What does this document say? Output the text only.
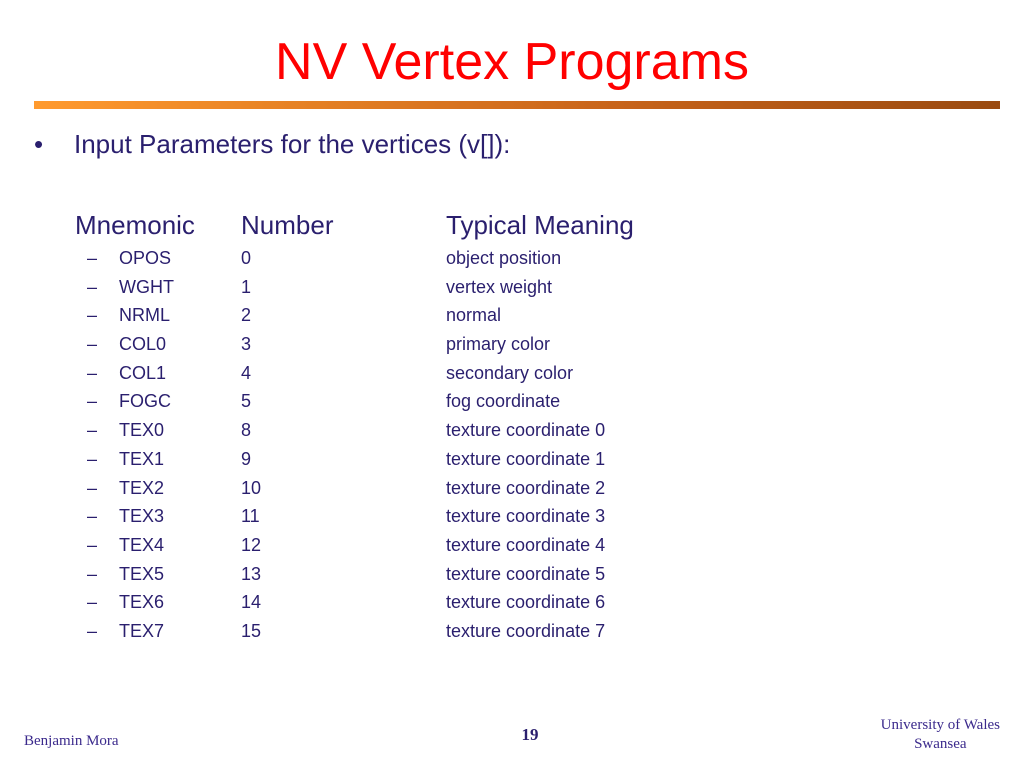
NV Vertex Programs
• Input Parameters for the vertices (v[]):
Mnemonic Number	Typical Meaning
– OPOS	0	object position
– WGHT	1	vertex weight
– NRML	2	normal
– COL0	3	primary color
– COL1	4	secondary color
– FOGC	5	fog coordinate
– TEX0	8	texture coordinate 0
– TEX1	9	texture coordinate 1
– TEX2	10	texture coordinate 2
– TEX3	11	texture coordinate 3
– TEX4	12	texture coordinate 4
– TEX5	13	texture coordinate 5
– TEX6	14	texture coordinate 6
– TEX7	15	texture coordinate 7
Benjamin Mora	19	University of Wales
Swansea
